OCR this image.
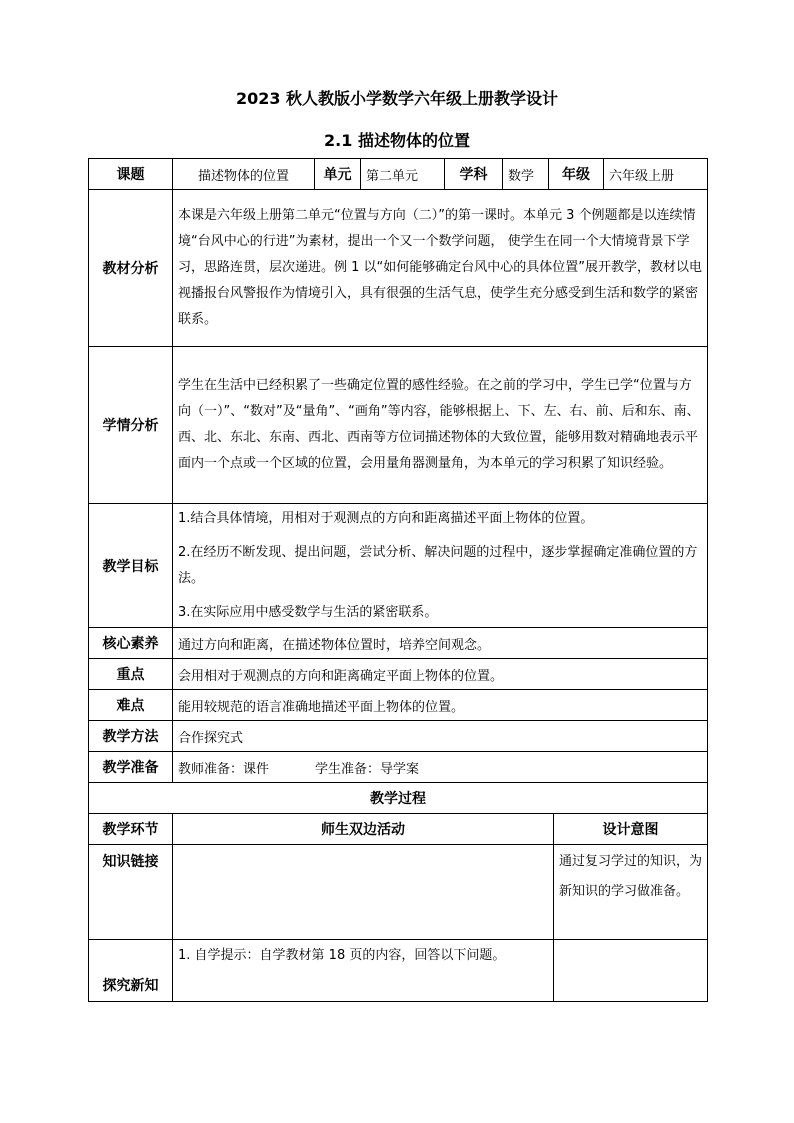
2023 秋人教版小学数学六年级上册教学设计
2.1 描述物体的位置
课题	描述物体的位置	单元	第二单元	学科	数学	年级		六年级上册
教材分析	本课是六年级上册第二单元“位置与方向（二）”的第一课时。本单元 3 个例题都是以连续情境“台风中心的行进”为素材，提出一个又一个数学问题， 使学生在同一个大情境背景下学习，思路连贯，层次递进。例 1 以“如何能够确定台风中心的具体位置”展开教学，教材以电视播报台风警报作为情境引入，具有很强的生活气息，使学生充分感受到生活和数学的紧密联系。							
学情分析	学生在生活中已经积累了一些确定位置的感性经验。在之前的学习中，学生已学“位置与方向（一）”、“数对”及“量角”、“画角”等内容，能够根据上、下、左、右、前、后和东、南、西、北、东北、东南、西北、西南等方位词描述物体的大致位置，能够用数对精确地表示平面内一个点或一个区域的位置，会用量角器测量角，为本单元的学习积累了知识经验。							
教学目标	1.结合具体情境，用相对于观测点的方向和距离描述平面上物体的位置。

2.在经历不断发现、提出问题，尝试分析、解决问题的过程中，逐步掌握确定准确位置的方法。

3.在实际应用中感受数学与生活的紧密联系。							

核心素养	通过方向和距离，在描述物体位置时，培养空间观念。							
重点	会用相对于观测点的方向和距离确定平面上物体的位置。							
难点	能用较规范的语言准确地描述平面上物体的位置。							
教学方法	合作探究式							
教学准备	教师准备：课件 学生准备：导学案							
教学过程								
教学环节	师生双边活动						设计意图	
知识链接							通过复习学过的知识，为新知识的学习做准备。	
探究新知	1. 自学提示：自学教材第 18 页的内容，回答以下问题。							
